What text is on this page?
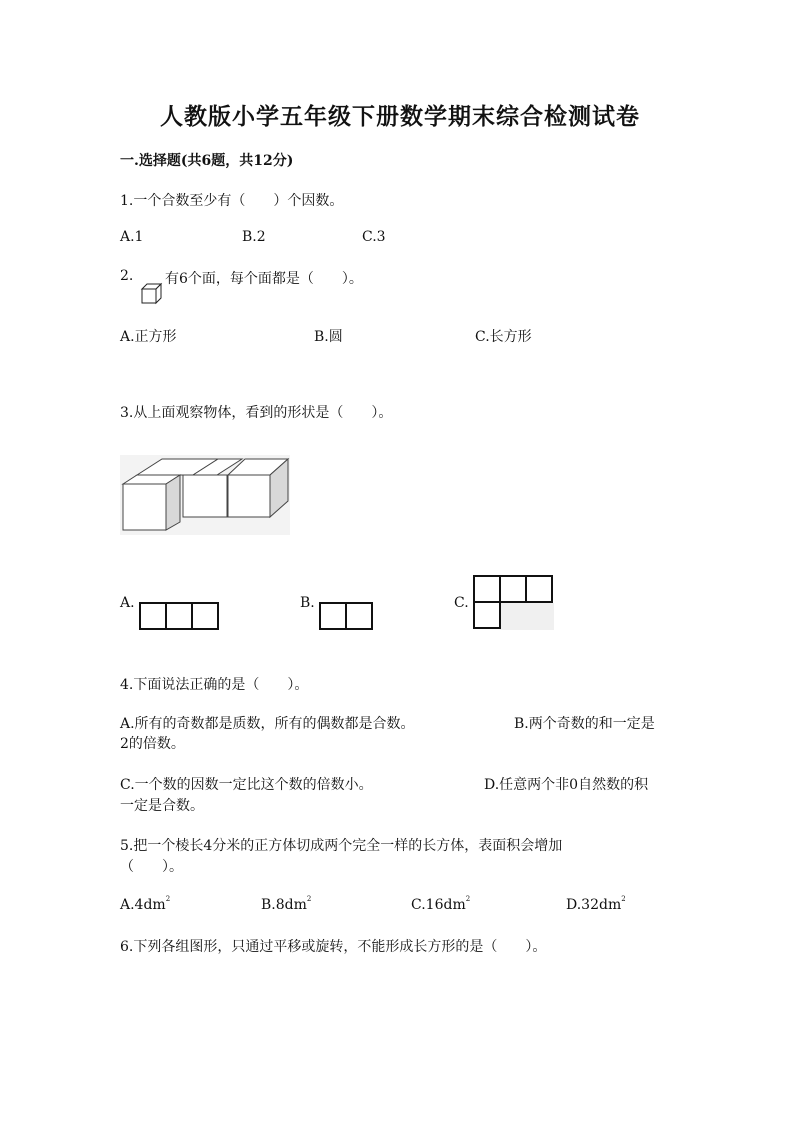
人教版小学五年级下册数学期末综合检测试卷
一.选择题(共6题，共12分)
1.一个合数至少有（　　）个因数。
A.1	B.2	C.3
2. 有6个面，每个面都是（　　）。
A.正方形	B.圆	C.长方形
3.从上面观察物体，看到的形状是（　　）。
A.	B.	C.
4.下面说法正确的是（　　）。
A.所有的奇数都是质数，所有的偶数都是合数。	B.两个奇数的和一定是
2的倍数。
C.一个数的因数一定比这个数的倍数小。	D.任意两个非0自然数的积
一定是合数。
5.把一个棱长4分米的正方体切成两个完全一样的长方体，表面积会增加
（　　）。
$A.4dm^2$	$B.8dm^2$	$C.16dm^2$	$D.32dm^2$
6.下列各组图形，只通过平移或旋转，不能形成长方形的是（　　）。
